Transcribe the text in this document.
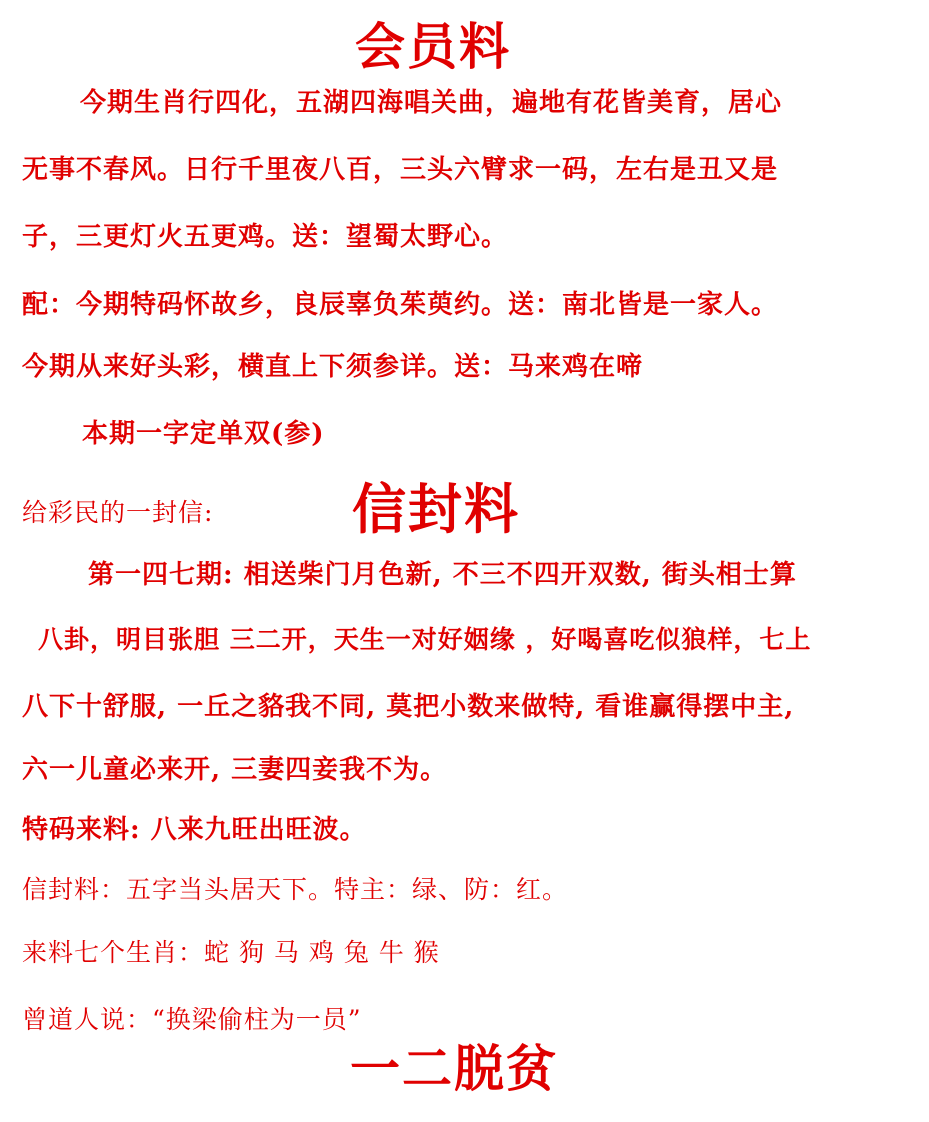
会员料
今期生肖行四化，五湖四海唱关曲，遍地有花皆美育，居心
无事不春风。日行千里夜八百，三头六臂求一码，左右是丑又是
子，三更灯火五更鸡。送：望蜀太野心。
配：今期特码怀故乡，良辰辜负茱萸约。送：南北皆是一家人。
今期从来好头彩，横直上下须参详。送：马来鸡在啼
本期一字定单双(参)
给彩民的一封信:	信封料
第一四七期: 相送柴门月色新, 不三不四开双数, 街头相士算
八卦，明目张胆 三二开，天生一对好姻缘 ，好喝喜吃似狼样，七上
八下十舒服, 一丘之貉我不同, 莫把小数来做特, 看谁赢得摆中主,
六一儿童必来开, 三妻四妾我不为。
特码来料: 八来九旺出旺波。
信封料：五字当头居天下。特主：绿、防：红。
来料七个生肖：蛇 狗 马 鸡 兔 牛 猴
曾道人说：“换梁偷柱为一员”
一二脱贫
